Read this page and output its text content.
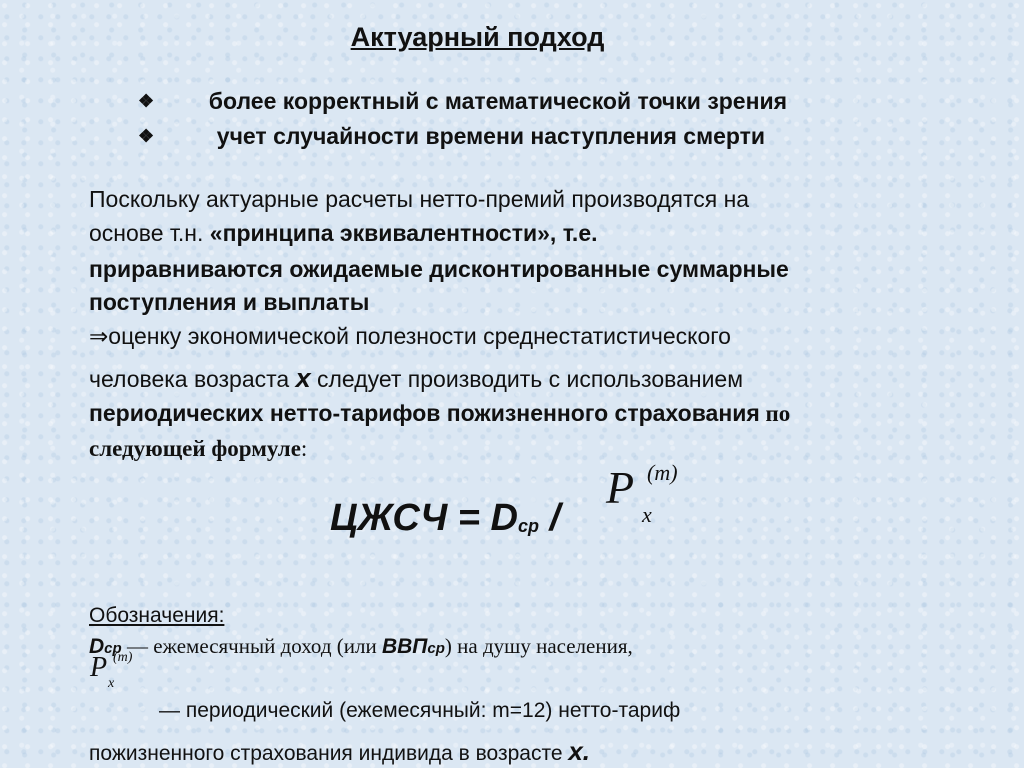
Актуарный подход
❖ более корректный с математической точки зрения
❖	учет случайности времени наступления смерти
Поскольку актуарные расчеты нетто-премий производятся на
основе т.н. «принципа эквивалентности», т.е.
приравниваются ожидаемые дисконтированные суммарные
поступления и выплаты
⇒оценку экономической полезности среднестатистического
человека возраста x следует производить с использованием
периодических нетто-тарифов пожизненного страхования по
следующей формуле:
ЦЖСЧ = Dср /
P (m)
x
Обозначения:
Dср — ежемесячный доход (или ВВПср) на душу населения,
P (m)
x
— периодический (ежемесячный: m=12) нетто-тариф
пожизненного страхования индивида в возрасте x.
